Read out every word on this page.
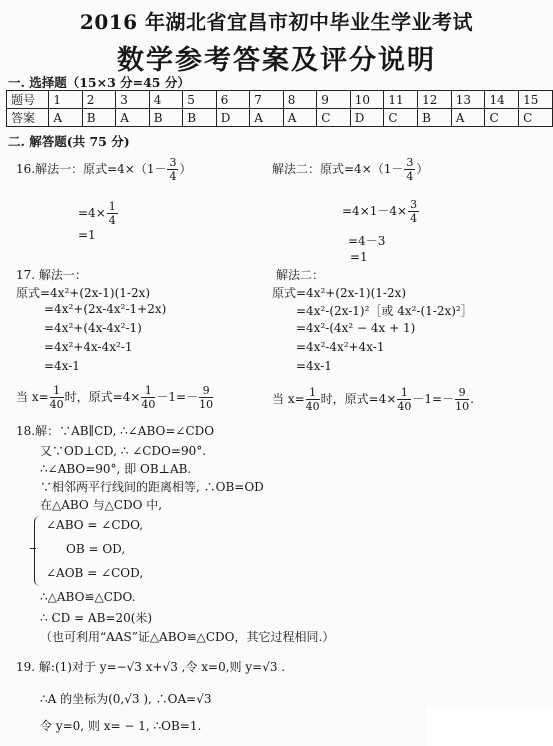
2016 年湖北省宜昌市初中毕业生学业考试
数学参考答案及评分说明
一. 选择题（15×3 分=45 分）
题号	1	2	3	4	5	6	7	8	9	10	11	12	13	14	15
答案	A	B	A	B	B	D	A	A	C	D	C	B	A	C	C
二. 解答题(共 75 分)
16.解法一：原式$=4\times(1- \frac{3}{4}$ ）
$=4\times \frac{1}{4}$
=1
解法二：原式$=4\times(1- \frac{3}{4}$ ）
$=4\times 1-4\times \frac{3}{4}$
=4－3
=1
17. 解法一：	解法二：
原式=4x²+(2x-1)(1-2x)
=4x²+(2x-4x²-1+2x)
=4x²+(4x-4x²-1)
=4x²+4x-4x²-1
=4x-1
原式=4x²+(2x-1)(1-2x)
=4x²-(2x-1)²［或 4x²-(1-2x)²］
=4x²-(4x² − 4x + 1)
=4x²-4x²+4x-1
=4x-1
当 $x= \frac{1}{40}$ 时，原式$=4\times \frac{1}{40} -1=- \frac{9}{10}$	当 $x= \frac{1}{40}$ 时，原式$=4\times \frac{1}{40} -1=- \frac{9}{10}$ .
18.解：∵AB∥CD, ∴∠ABO=∠CDO
又∵OD⊥CD, ∴ ∠CDO=90°.
∴∠ABO=90°, 即 OB⊥AB.
∵相邻两平行线间的距离相等, ∴OB=OD
在△ABO 与△CDO 中,
∠ABO = ∠CDO,
OB = OD,
∠AOB = ∠COD,
∴△ABO≌△CDO.
∴ CD = AB=20(米)
（也可利用“AAS”证△ABO≌△CDO，其它过程相同.）
19. 解:(1)对于 y=−√3 x+√3 ,令 x=0,则 y=√3 .
∴A 的坐标为(0,√3 ), ∴OA=√3
令 y=0, 则 x= − 1, ∴OB=1.
